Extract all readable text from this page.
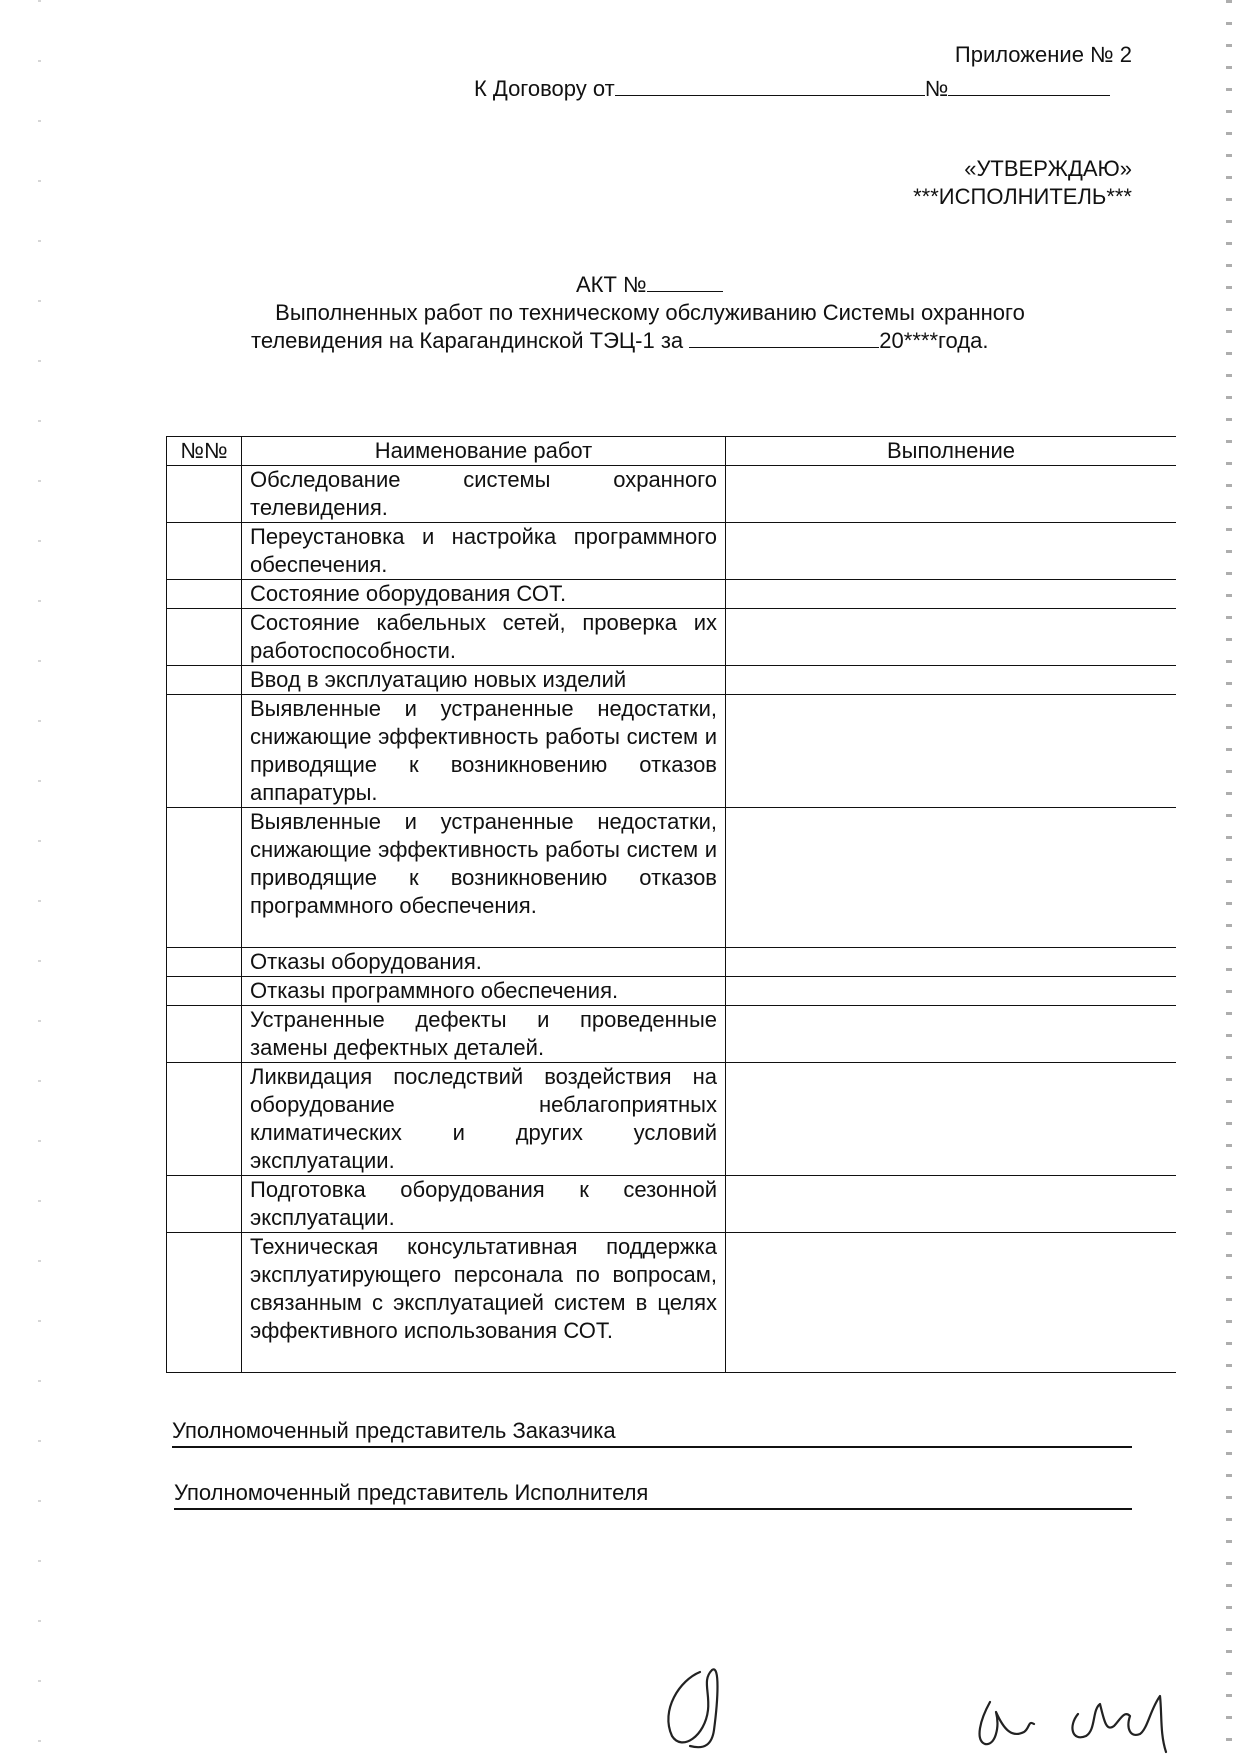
Приложение № 2
К Договору от	№
«УТВЕРЖДАЮ»
***ИСПОЛНИТЕЛЬ***
АКТ №
Выполненных работ по техническому обслуживанию Системы охранного
телевидения на Карагандинской ТЭЦ-1 за	20****года.
№№	Наименование работ	Выполнение
	Обследование системы охранного телевидения.	
	Переустановка и настройка программного обеспечения.	
	Состояние оборудования СОТ.	
	Состояние кабельных сетей, проверка их работоспособности.	
	Ввод в эксплуатацию новых изделий	
	Выявленные и устраненные недостатки, снижающие эффективность работы систем и приводящие к возникновению отказов аппаратуры.	
	Выявленные и устраненные недостатки, снижающие эффективность работы систем и приводящие к возникновению отказов программного обеспечения.	
	Отказы оборудования.	
	Отказы программного обеспечения.	
	Устраненные дефекты и проведенные замены дефектных деталей.	
	Ликвидация последствий воздействия на оборудование неблагоприятных климатических и других условий эксплуатации.	
	Подготовка оборудования к сезонной эксплуатации.	
	Техническая консультативная поддержка эксплуатирующего персонала по вопросам, связанным с эксплуатацией систем в целях эффективного использования СОТ.	
Уполномоченный представитель Заказчика
Уполномоченный представитель Исполнителя
